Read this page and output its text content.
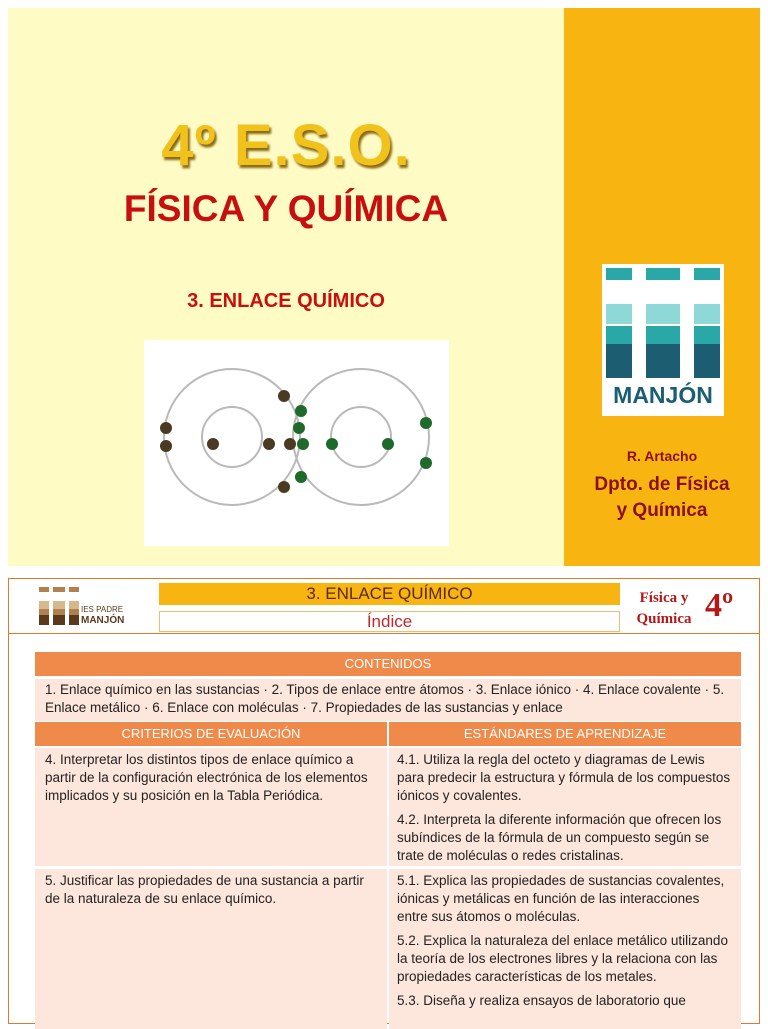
4º E.S.O.
FÍSICA Y QUÍMICA
3. ENLACE QUÍMICO
MANJÓN
R. Artacho
Dpto. de Física
y Química
IES PADRE
MANJÓN
3. ENLACE QUÍMICO
Índice
Física y Química 4º
CONTENIDOS
1. Enlace químico en las sustancias · 2. Tipos de enlace entre átomos · 3. Enlace iónico · 4. Enlace covalente · 5. Enlace metálico · 6. Enlace con moléculas · 7. Propiedades de las sustancias y enlace
CRITERIOS DE EVALUACIÓN	ESTÁNDARES DE APRENDIZAJE

4. Interpretar los distintos tipos de enlace químico a partir de la configuración electrónica de los elementos implicados y su posición en la Tabla Periódica.

4.1. Utiliza la regla del octeto y diagramas de Lewis para predecir la estructura y fórmula de los compuestos iónicos y covalentes.

4.2. Interpreta la diferente información que ofrecen los subíndices de la fórmula de un compuesto según se trate de moléculas o redes cristalinas.

5. Justificar las propiedades de una sustancia a partir de la naturaleza de su enlace químico.

5.1. Explica las propiedades de sustancias covalentes, iónicas y metálicas en función de las interacciones entre sus átomos o moléculas.

5.2. Explica la naturaleza del enlace metálico utilizando la teoría de los electrones libres y la relaciona con las propiedades características de los metales.

5.3. Diseña y realiza ensayos de laboratorio que
